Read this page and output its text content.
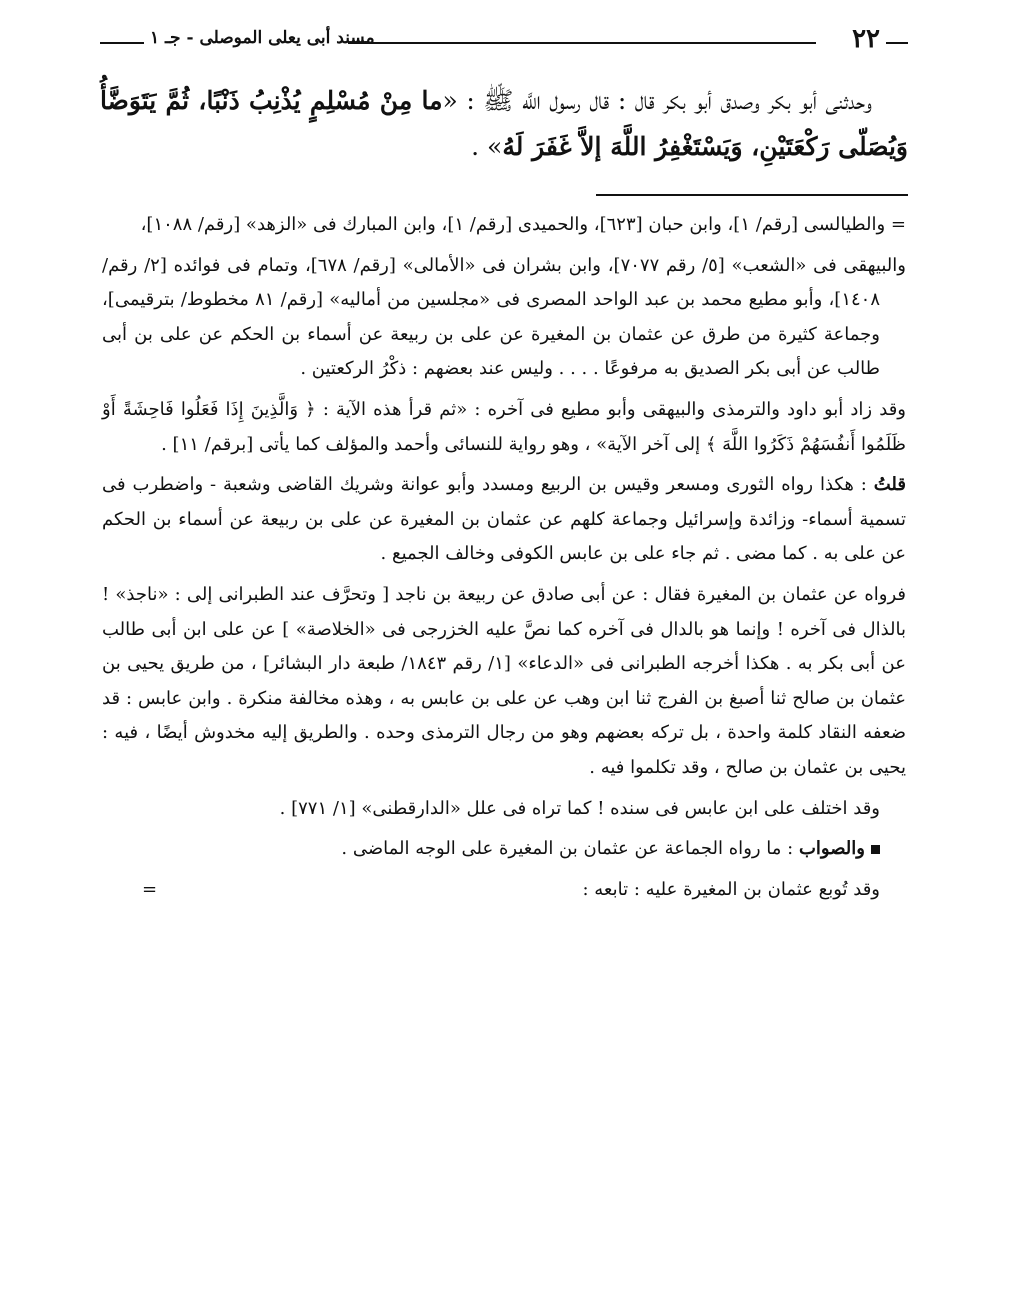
٢٢
مسند أبى يعلى الموصلى - جـ ١
وحدثنى أبو بكر وصدق أبو بكر قال : قال رسول اللَّه ﷺ : «ما مِنْ مُسْلِمٍ يُذْنِبُ ذَنْبًا، ثُمَّ يَتَوَضَّأُ وَيُصَلّى رَكْعَتَيْنِ، وَيَسْتَغْفِرُ اللَّهَ إلاَّ غَفَرَ لَهُ» .

= والطيالسى [رقم/ ١]، وابن حبان [٦٢٣]، والحميدى [رقم/ ١]، وابن المبارك فى «الزهد» [رقم/ ١٠٨٨]،

والبيهقى فى «الشعب» [٥/ رقم ٧٠٧٧]، وابن بشران فى «الأمالى» [رقم/ ٦٧٨]، وتمام فى فوائده [٢/ رقم/ ١٤٠٨]، وأبو مطيع محمد بن عبد الواحد المصرى فى «مجلسين من أماليه» [رقم/ ٨١ مخطوط/ بترقيمى]، وجماعة كثيرة من طرق عن عثمان بن المغيرة عن على بن ربيعة عن أسماء بن الحكم عن على بن أبى طالب عن أبى بكر الصديق به مرفوعًا . . . . وليس عند بعضهم : ذكْرُ الركعتين .

وقد زاد أبو داود والترمذى والبيهقى وأبو مطيع فى آخره : «ثم قرأ هذه الآية : ﴿ وَالَّذِينَ إِذَا فَعَلُوا فَاحِشَةً أَوْ ظَلَمُوا أَنفُسَهُمْ ذَكَرُوا اللَّهَ ﴾ إلى آخر الآية» ، وهو رواية للنسائى وأحمد والمؤلف كما يأتى [برقم/ ١١] .

قلتُ : هكذا رواه الثورى ومسعر وقيس بن الربيع ومسدد وأبو عوانة وشريك القاضى وشعبة - واضطرب فى تسمية أسماء- وزائدة وإسرائيل وجماعة كلهم عن عثمان بن المغيرة عن على بن ربيعة عن أسماء بن الحكم عن على به . كما مضى . ثم جاء على بن عابس الكوفى وخالف الجميع .

فرواه عن عثمان بن المغيرة فقال : عن أبى صادق عن ربيعة بن ناجد [ وتحرَّف عند الطبرانى إلى : «ناجذ» ! بالذال فى آخره ! وإنما هو بالدال فى آخره كما نصَّ عليه الخزرجى فى «الخلاصة» ] عن على ابن أبى طالب عن أبى بكر به . هكذا أخرجه الطبرانى فى «الدعاء» [١/ رقم ١٨٤٣/ طبعة دار البشائر] ، من طريق يحيى بن عثمان بن صالح ثنا أصبغ بن الفرج ثنا ابن وهب عن على بن عابس به ، وهذه مخالفة منكرة . وابن عابس : قد ضعفه النقاد كلمة واحدة ، بل تركه بعضهم وهو من رجال الترمذى وحده . والطريق إليه مخدوش أيضًا ، فيه : يحيى بن عثمان بن صالح ، وقد تكلموا فيه .

وقد اختلف على ابن عابس فى سنده ! كما تراه فى علل «الدارقطنى» [١/ ٧٧١] .

والصواب : ما رواه الجماعة عن عثمان بن المغيرة على الوجه الماضى .

وقد تُوبع عثمان بن المغيرة عليه : تابعه :
=
